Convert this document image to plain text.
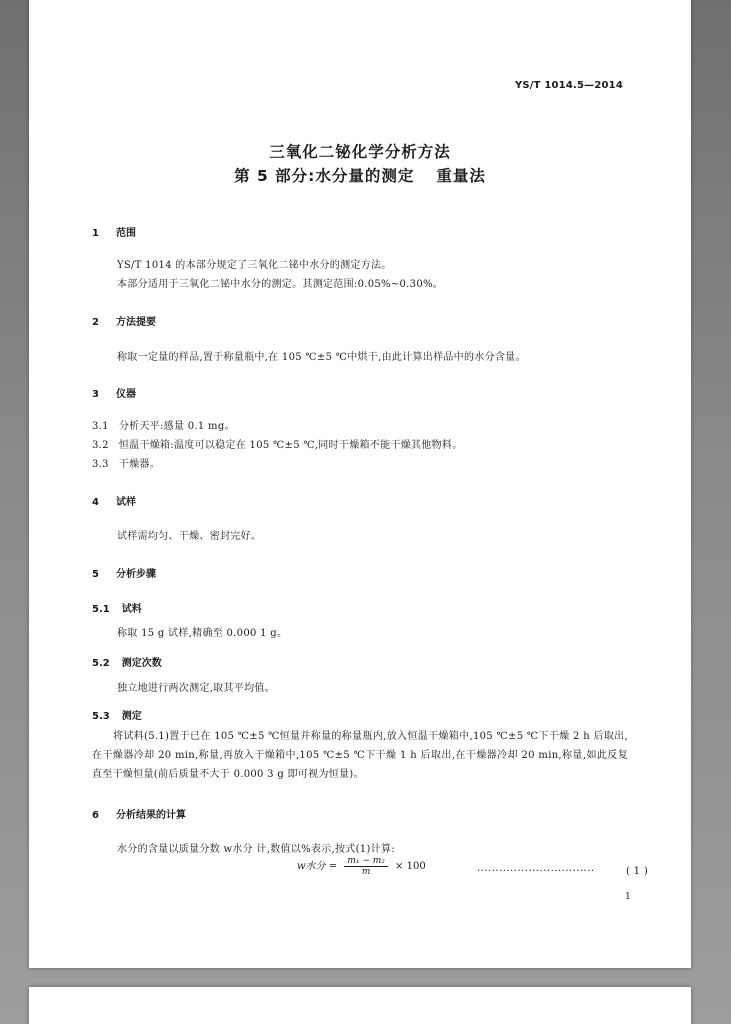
YS/T 1014.5—2014
三氧化二铋化学分析方法
第 5 部分:水分量的测定 重量法
1 范围
YS/T 1014 的本部分规定了三氧化二铋中水分的测定方法。
本部分适用于三氧化二铋中水分的测定。其测定范围:0.05%~0.30%。
2 方法提要
称取一定量的样品,置于称量瓶中,在 105 ℃±5 ℃中烘干,由此计算出样品中的水分含量。
3 仪器
3.1 分析天平:感量 0.1 mg。
3.2 恒温干燥箱:温度可以稳定在 105 ℃±5 ℃,同时干燥箱不能干燥其他物料。
3.3 干燥器。
4 试样
试样需均匀、干燥、密封完好。
5 分析步骤
5.1 试料
称取 15 g 试样,精确至 0.000 1 g。
5.2 测定次数
独立地进行两次测定,取其平均值。
5.3 测定
将试料(5.1)置于已在 105 ℃±5 ℃恒量并称量的称量瓶内,放入恒温干燥箱中,105 ℃±5 ℃下干燥 2 h 后取出,在干燥器冷却 20 min,称量,再放入干燥箱中,105 ℃±5 ℃下干燥 1 h 后取出,在干燥器冷却 20 min,称量,如此反复直至干燥恒量(前后质量不大于 0.000 3 g 即可视为恒量)。
6 分析结果的计算
水分的含量以质量分数 w水分 计,数值以%表示,按式(1)计算:
w水分 = $\frac{\text{m₁ − m₂}}{m} \times 100$	································	( 1 )
1
